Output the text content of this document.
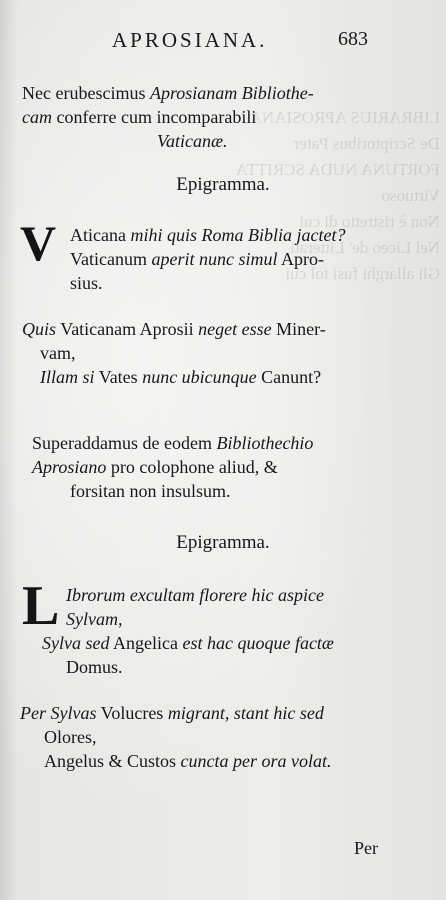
LIBRARIUS APROSIANA
De Scriptoribus Pater
FORTUNA NUDA SCRITTA
Virtuoso
Non è ristretto di cui
Nel Liceo de' Litterati
Gli allarghi fusi tol cui
APROSIANA.	683
Nec erubescimus Aprosianam Bibliothe-
cam conferre cum incomparabili
Vaticanæ.
Epigramma.
V Aticana mihi quis Roma Biblia jactet?
Vaticanum aperit nunc simul Apro-
sius.
Quis Vaticanam Aprosii neget esse Miner-
vam,
Illam si Vates nunc ubicunque Canunt?
Superaddamus de eodem Bibliothechio
Aprosiano pro colophone aliud, &
forsitan non insulsum.
Epigramma.
L Ibrorum excultam florere hic aspice
Sylvam,
Sylva sed Angelica est hac quoque factæ
Domus.
Per Sylvas Volucres migrant, stant hic sed
Olores,
Angelus & Custos cuncta per ora volat.
Per
